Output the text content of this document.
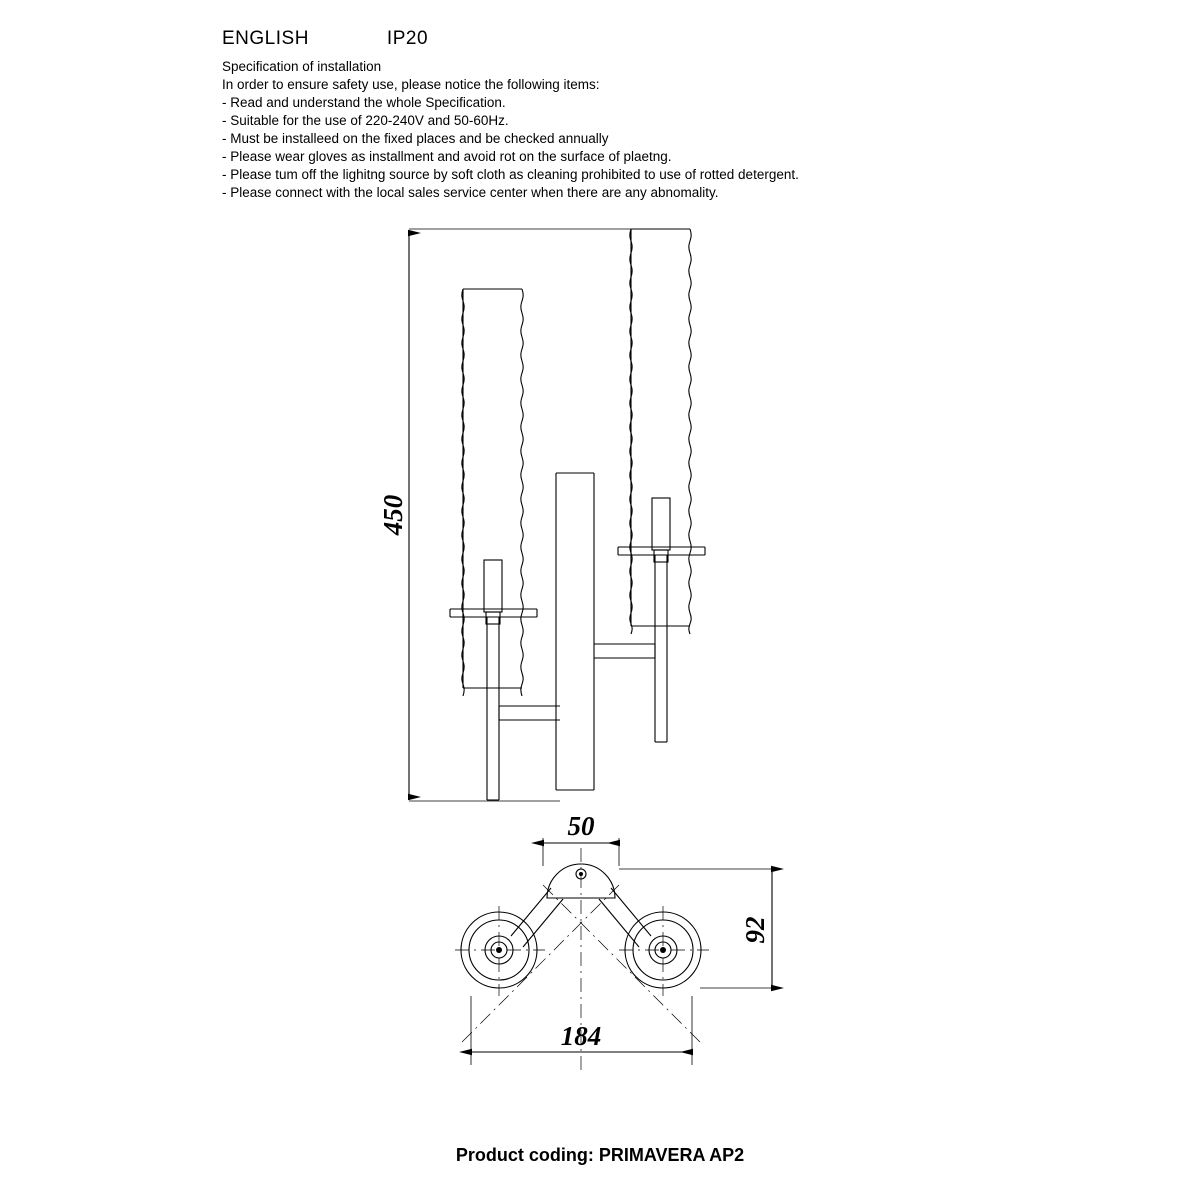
ENGLISH	IP20
Specification of installation
In order to ensure safety use, please notice the following items:
- Read and understand the whole Specification.
- Suitable for the use of 220-240V and 50-60Hz.
- Must be installeed on the fixed places and be checked annually
- Please wear gloves as installment and avoid rot on the surface of plaetng.
- Please tum off the lighitng source by soft cloth as cleaning prohibited to use of rotted detergent.
- Please connect with the local sales service center when there are any abnomality.
450
50
92
184
Product coding: PRIMAVERA AP2
